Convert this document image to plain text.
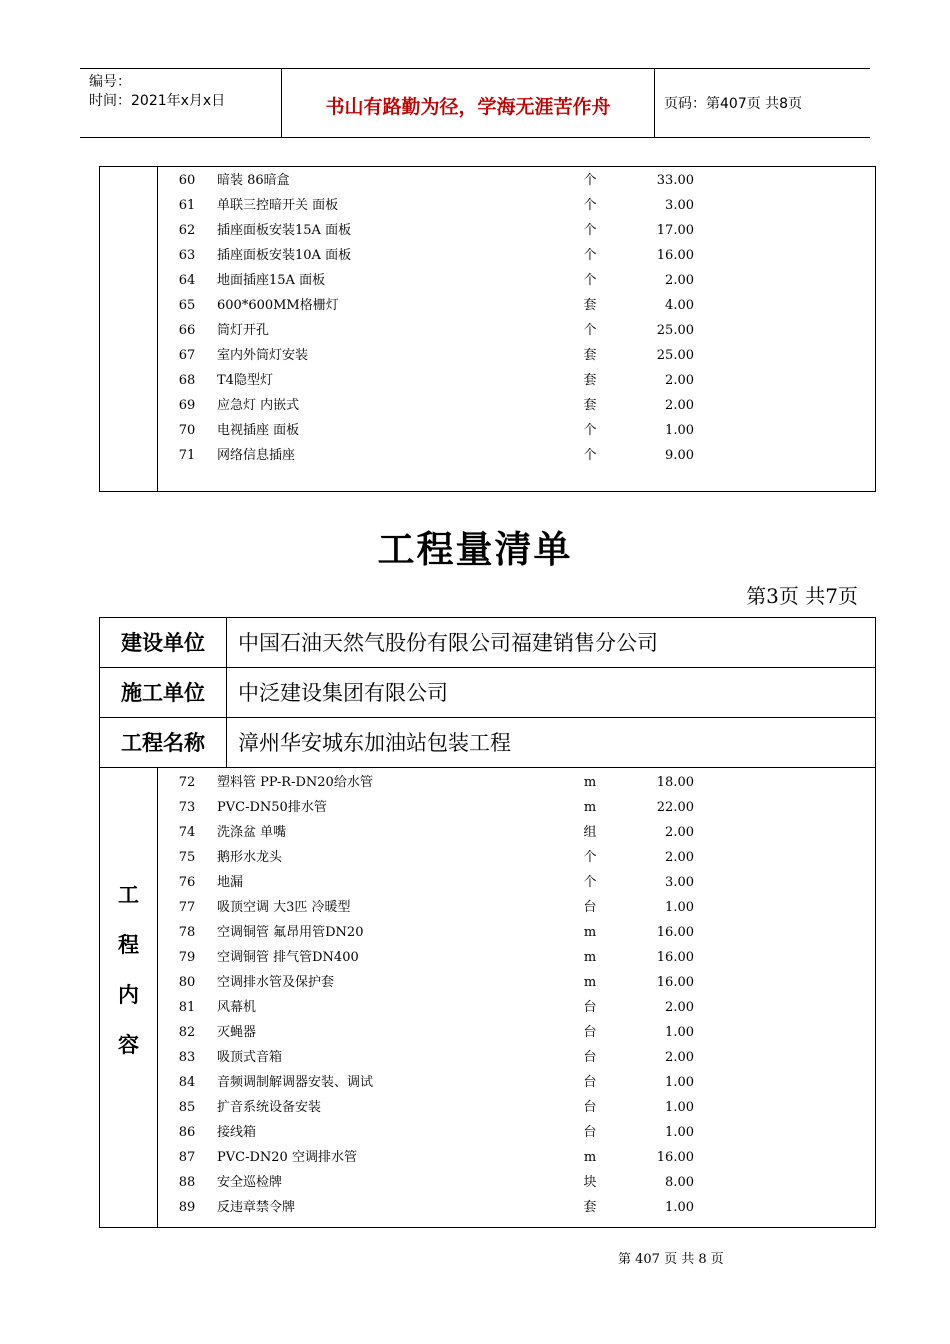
编号：
时间：2021年x月x日	书山有路勤为径，学海无涯苦作舟	页码：第407页 共8页
60	暗装 86暗盒	个	33.00
61	单联三控暗开关 面板	个	3.00
62	插座面板安装15A 面板	个	17.00
63	插座面板安装10A 面板	个	16.00
64	地面插座15A 面板	个	2.00
65	600*600MM格栅灯	套	4.00
66	筒灯开孔	个	25.00
67	室内外筒灯安装	套	25.00
68	T4隐型灯	套	2.00
69	应急灯 内嵌式	套	2.00
70	电视插座 面板	个	1.00
71	网络信息插座	个	9.00
工程量清单
第3页 共7页
建设单位	中国石油天然气股份有限公司福建销售分公司
施工单位	中泛建设集团有限公司
工程名称	漳州华安城东加油站包装工程
工
程
内
容
72	塑料管 PP-R-DN20给水管	m	18.00
73	PVC-DN50排水管	m	22.00
74	洗涤盆 单嘴	组	2.00
75	鹅形水龙头	个	2.00
76	地漏	个	3.00
77	吸顶空调 大3匹 冷暖型	台	1.00
78	空调铜管 氟昂用管DN20	m	16.00
79	空调铜管 排气管DN400	m	16.00
80	空调排水管及保护套	m	16.00
81	风幕机	台	2.00
82	灭蝇器	台	1.00
83	吸顶式音箱	台	2.00
84	音频调制解调器安装、调试	台	1.00
85	扩音系统设备安装	台	1.00
86	接线箱	台	1.00
87	PVC-DN20 空调排水管	m	16.00
88	安全巡检牌	块	8.00
89	反违章禁令牌	套	1.00
第 407 页 共 8 页
